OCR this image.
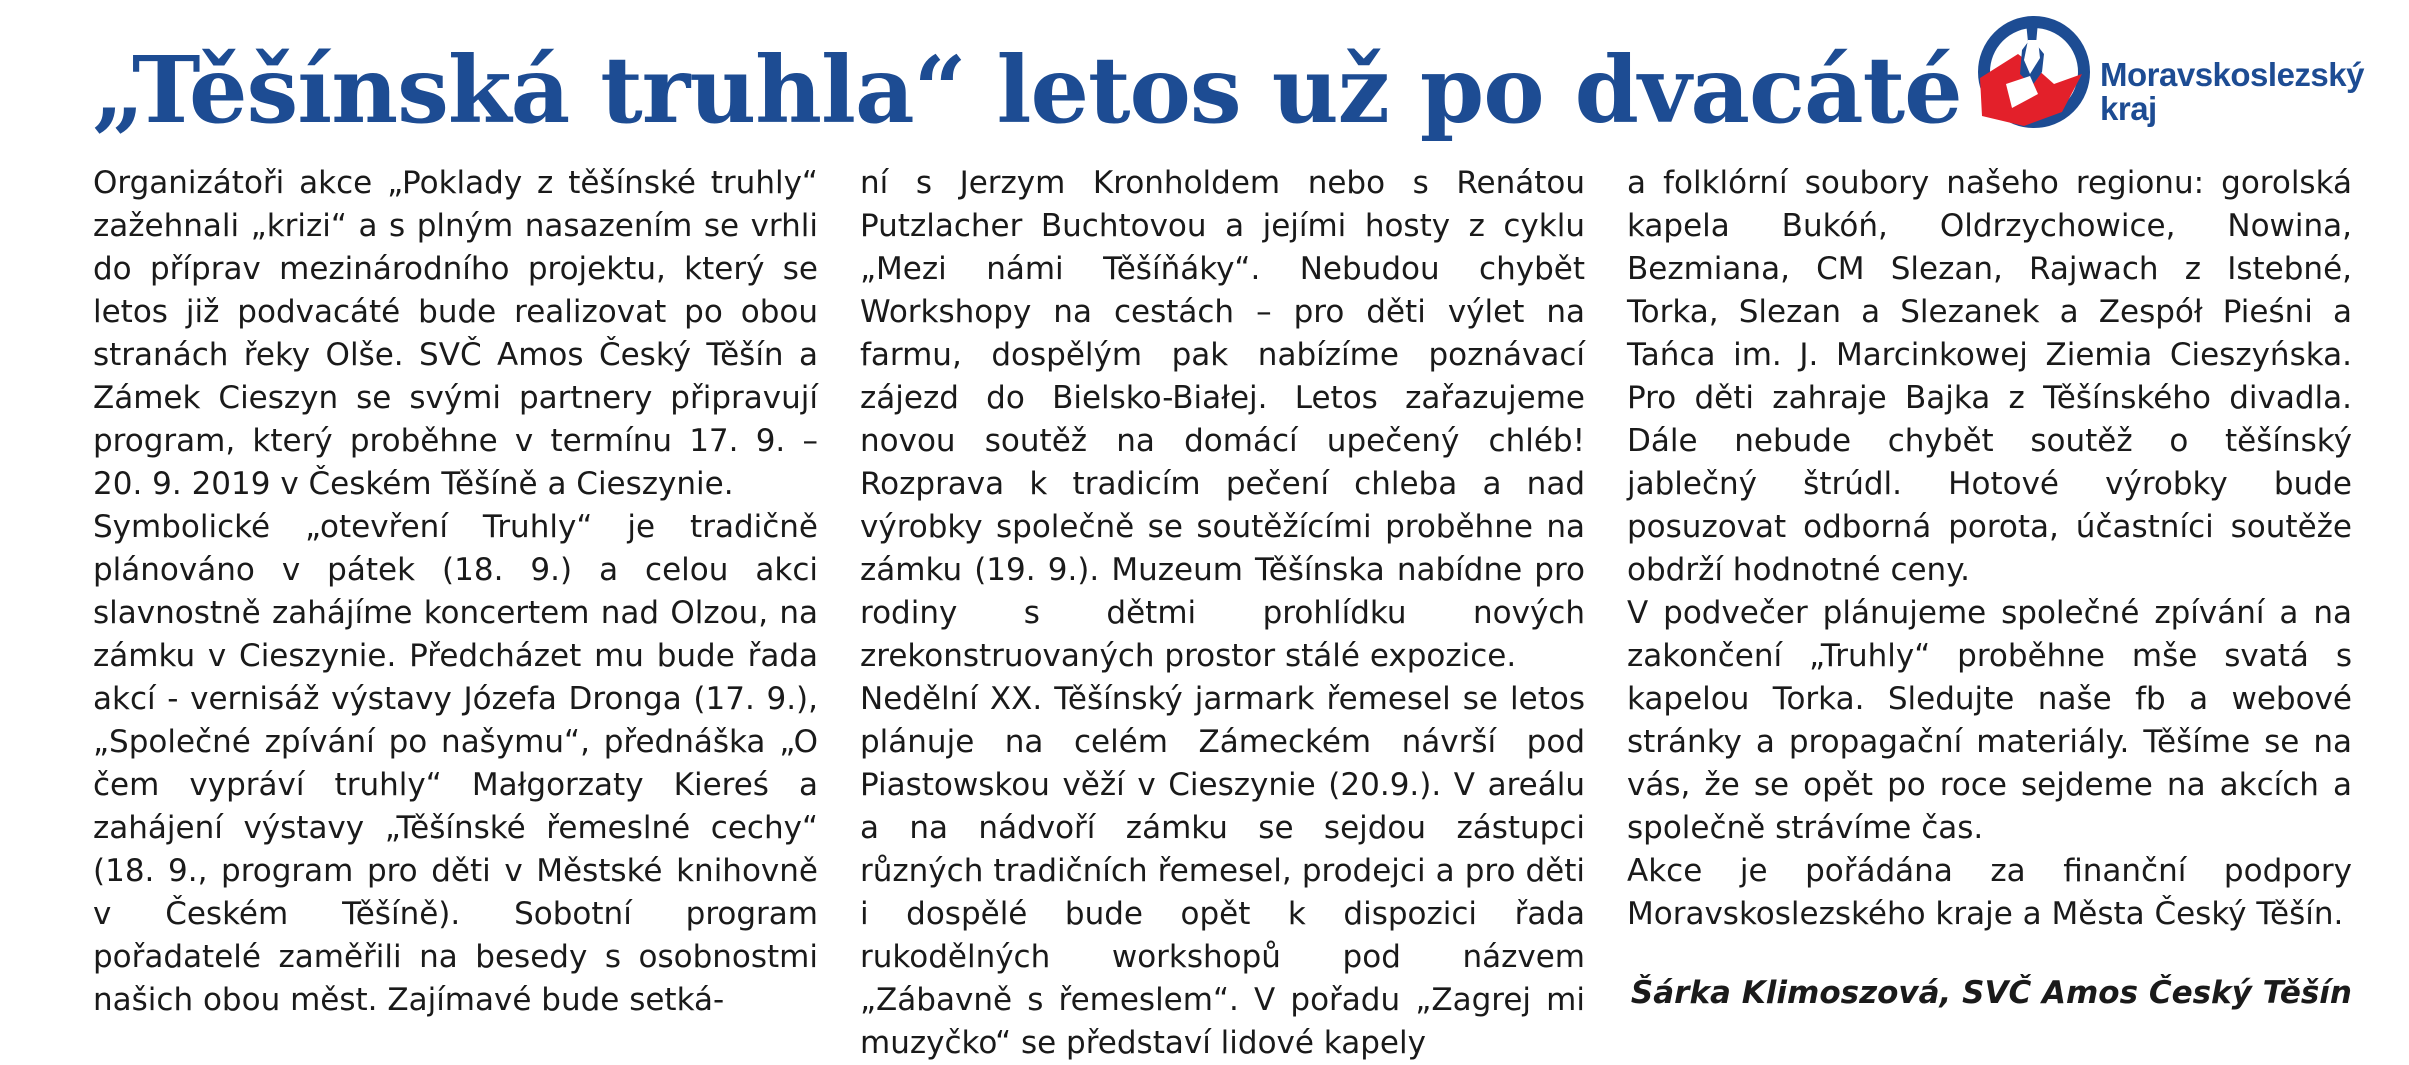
„Těšínská truhla“ letos už po dvacáté	Moravskoslezský
kraj

Organizátoři akce „Poklady z těšínské truhly“ zažehnali „krizi“ a s plným nasazením se vrhli do příprav mezinárodního projektu, který se letos již podvacáté bude realizovat po obou stranách řeky Olše. SVČ Amos Český Těšín a Zámek Cieszyn se svými partnery připravují program, který proběhne v termínu 17. 9. – 20. 9. 2019 v Českém Těšíně a Cieszynie.

Symbolické „otevření Truhly“ je tradičně plánováno v pátek (18. 9.) a celou akci slavnostně zahájíme koncertem nad Olzou, na zámku v Cieszynie. Předcházet mu bude řada akcí - vernisáž výstavy Józefa Dronga (17. 9.), „Společné zpívání po našymu“, přednáška „O čem vypráví truhly“ Małgorzaty Kiereś a zahájení výstavy „Těšínské řemeslné cechy“ (18. 9., program pro děti v Městské knihovně v Českém Těšíně). Sobotní program pořadatelé zaměřili na besedy s osobnostmi našich obou měst. Zajímavé bude setká-

ní s Jerzym Kronholdem nebo s Renátou Putzlacher Buchtovou a jejími hosty z cyklu „Mezi námi Těšíňáky“. Nebudou chybět Workshopy na cestách – pro děti výlet na farmu, dospělým pak nabízíme poznávací zájezd do Bielsko-Białej. Letos zařazujeme novou soutěž na domácí upečený chléb! Rozprava k tradicím pečení chleba a nad výrobky společně se soutěžícími proběhne na zámku (19. 9.). Muzeum Těšínska nabídne pro rodiny s dětmi prohlídku nových zrekonstruovaných prostor stálé expozice.

Nedělní XX. Těšínský jarmark řemesel se letos plánuje na celém Zámeckém návrší pod Piastowskou věží v Cieszynie (20.9.). V areálu a na nádvoří zámku se sejdou zástupci různých tradičních řemesel, prodejci a pro děti i dospělé bude opět k dispozici řada rukodělných workshopů pod názvem „Zábavně s řemeslem“. V pořadu „Zagrej mi muzyčko“ se představí lidové kapely

a folklórní soubory našeho regionu: gorolská kapela Bukóń, Oldrzychowice, Nowina, Bezmiana, CM Slezan, Rajwach z Istebné, Torka, Slezan a Slezanek a Zespół Pieśni a Tańca im. J. Marcinkowej Ziemia Cieszyńska. Pro děti zahraje Bajka z Těšínského divadla. Dále nebude chybět soutěž o těšínský jablečný štrúdl. Hotové výrobky bude posuzovat odborná porota, účastníci soutěže obdrží hodnotné ceny.

V podvečer plánujeme společné zpívání a na zakončení „Truhly“ proběhne mše svatá s kapelou Torka. Sledujte naše fb a webové stránky a propagační materiály. Těšíme se na vás, že se opět po roce sejdeme na akcích a společně strávíme čas.

Akce je pořádána za finanční podpory Moravskoslezského kraje a Města Český Těšín.

Šárka Klimoszová, SVČ Amos Český Těšín
